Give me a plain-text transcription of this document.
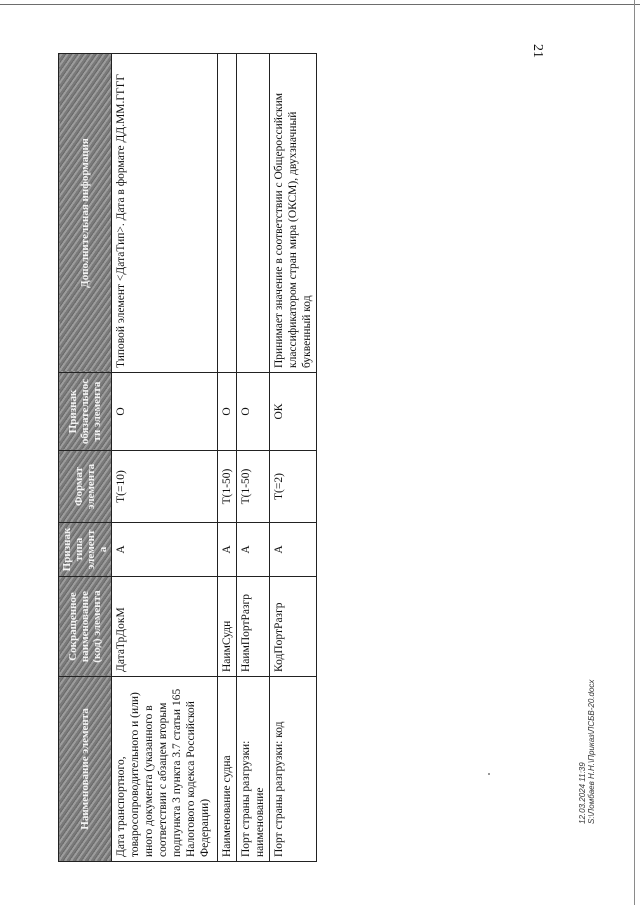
21
Наименование элемента	Сокращенное наименование (код) элемента	Признак типа элемента	Формат элемента	Признак обязательности элемента	Дополнительная информация
Дата транспортного, товаросопроводительного и (или) иного документа (указанного в соответствии с абзацем вторым подпункта 3 пункта 3.7 статьи 165 Налогового кодекса Российской Федерации)	ДатаТрДокМ	А	T(=10)	О	Типовой элемент <ДатаТип>. Дата в формате ДД.ММ.ГГГГ
Наименование судна	НаимСудн	А	T(1-50)	О	
Порт страны разгрузки: наименование	НаимПортРазгр	А	T(1-50)	О	
Порт страны разгрузки: код	КодПортРазгр	А	T(=2)	ОК	Принимает значение в соответствии с Общероссийским классификатором стран мира (ОКСМ), двухзначный буквенный код
12.03.2024 11:39 S:\Ломбаев Н.Н.\Приказ\ЛСБВ-20.docx
